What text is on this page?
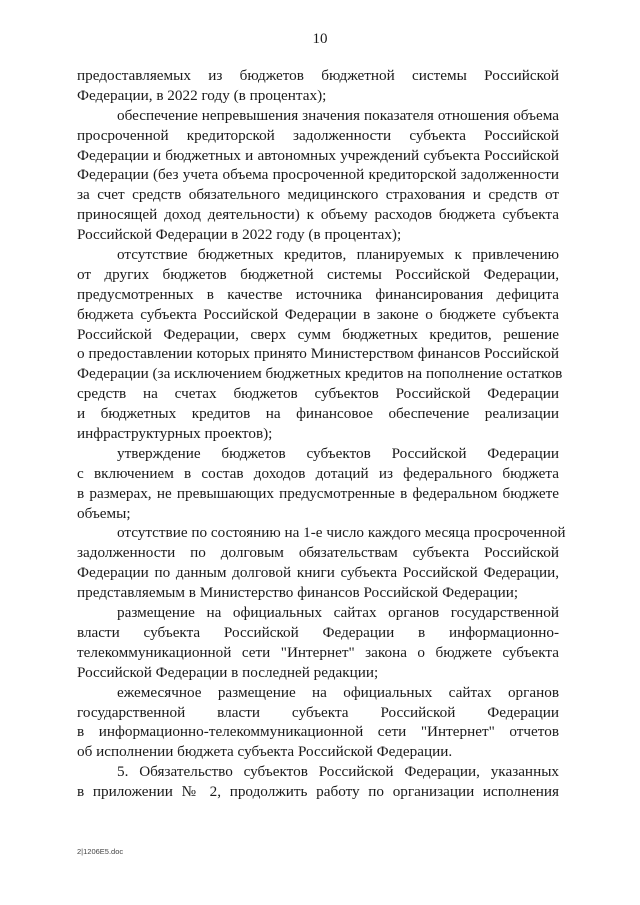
10
предоставляемых из бюджетов бюджетной системы Российской
Федерации, в 2022 году (в процентах);
обеспечение непревышения значения показателя отношения объема
просроченной кредиторской задолженности субъекта Российской
Федерации и бюджетных и автономных учреждений субъекта Российской
Федерации (без учета объема просроченной кредиторской задолженности
за счет средств обязательного медицинского страхования и средств от
приносящей доход деятельности) к объему расходов бюджета субъекта
Российской Федерации в 2022 году (в процентах);
отсутствие бюджетных кредитов, планируемых к привлечению
от других бюджетов бюджетной системы Российской Федерации,
предусмотренных в качестве источника финансирования дефицита
бюджета субъекта Российской Федерации в законе о бюджете субъекта
Российской Федерации, сверх сумм бюджетных кредитов, решение
о предоставлении которых принято Министерством финансов Российской
Федерации (за исключением бюджетных кредитов на пополнение остатков
средств на счетах бюджетов субъектов Российской Федерации
и бюджетных кредитов на финансовое обеспечение реализации
инфраструктурных проектов);
утверждение бюджетов субъектов Российской Федерации
с включением в состав доходов дотаций из федерального бюджета
в размерах, не превышающих предусмотренные в федеральном бюджете
объемы;
отсутствие по состоянию на 1-е число каждого месяца просроченной
задолженности по долговым обязательствам субъекта Российской
Федерации по данным долговой книги субъекта Российской Федерации,
представляемым в Министерство финансов Российской Федерации;
размещение на официальных сайтах органов государственной
власти субъекта Российской Федерации в информационно-
телекоммуникационной сети "Интернет" закона о бюджете субъекта
Российской Федерации в последней редакции;
ежемесячное размещение на официальных сайтах органов
государственной власти субъекта Российской Федерации
в информационно-телекоммуникационной сети "Интернет" отчетов
об исполнении бюджета субъекта Российской Федерации.
5. Обязательство субъектов Российской Федерации, указанных
в приложении № 2, продолжить работу по организации исполнения
2|1206E5.doc
